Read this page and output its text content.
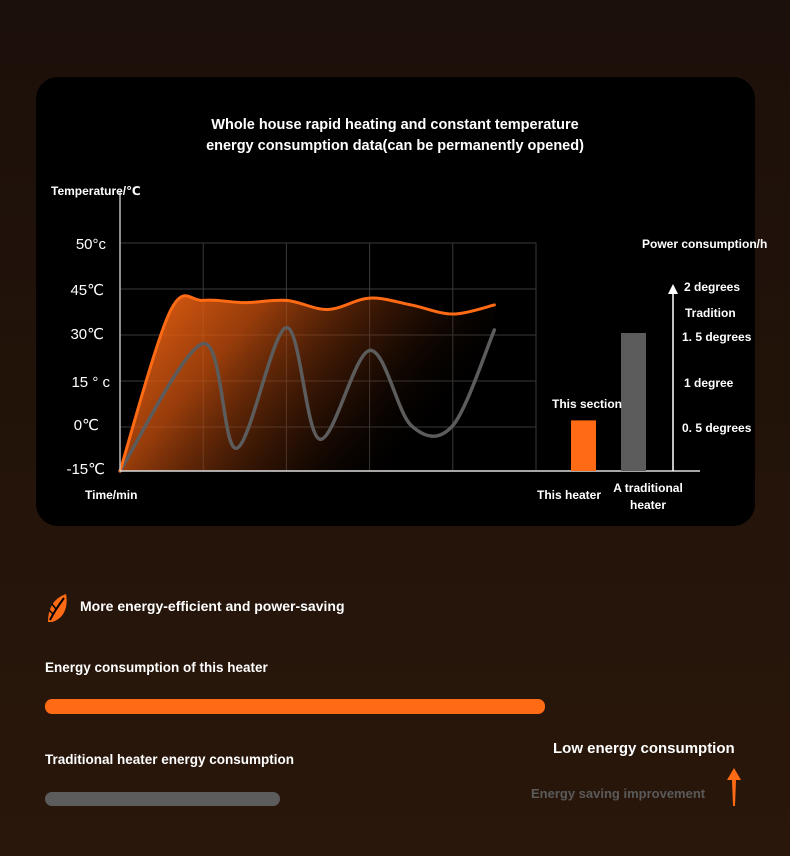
Whole house rapid heating and constant temperature
energy consumption data(can be permanently opened)
Temperature/℃
Time/min
50°c
45℃
30℃
15 ° c
0℃
-15℃
Power consumption/h
2 degrees
1. 5 degrees
1 degree
0. 5 degrees
Tradition
This section
This heater	A traditional heater
More energy-efficient and power-saving
Energy consumption of this heater
Traditional heater energy consumption
Low energy consumption
Energy saving improvement
